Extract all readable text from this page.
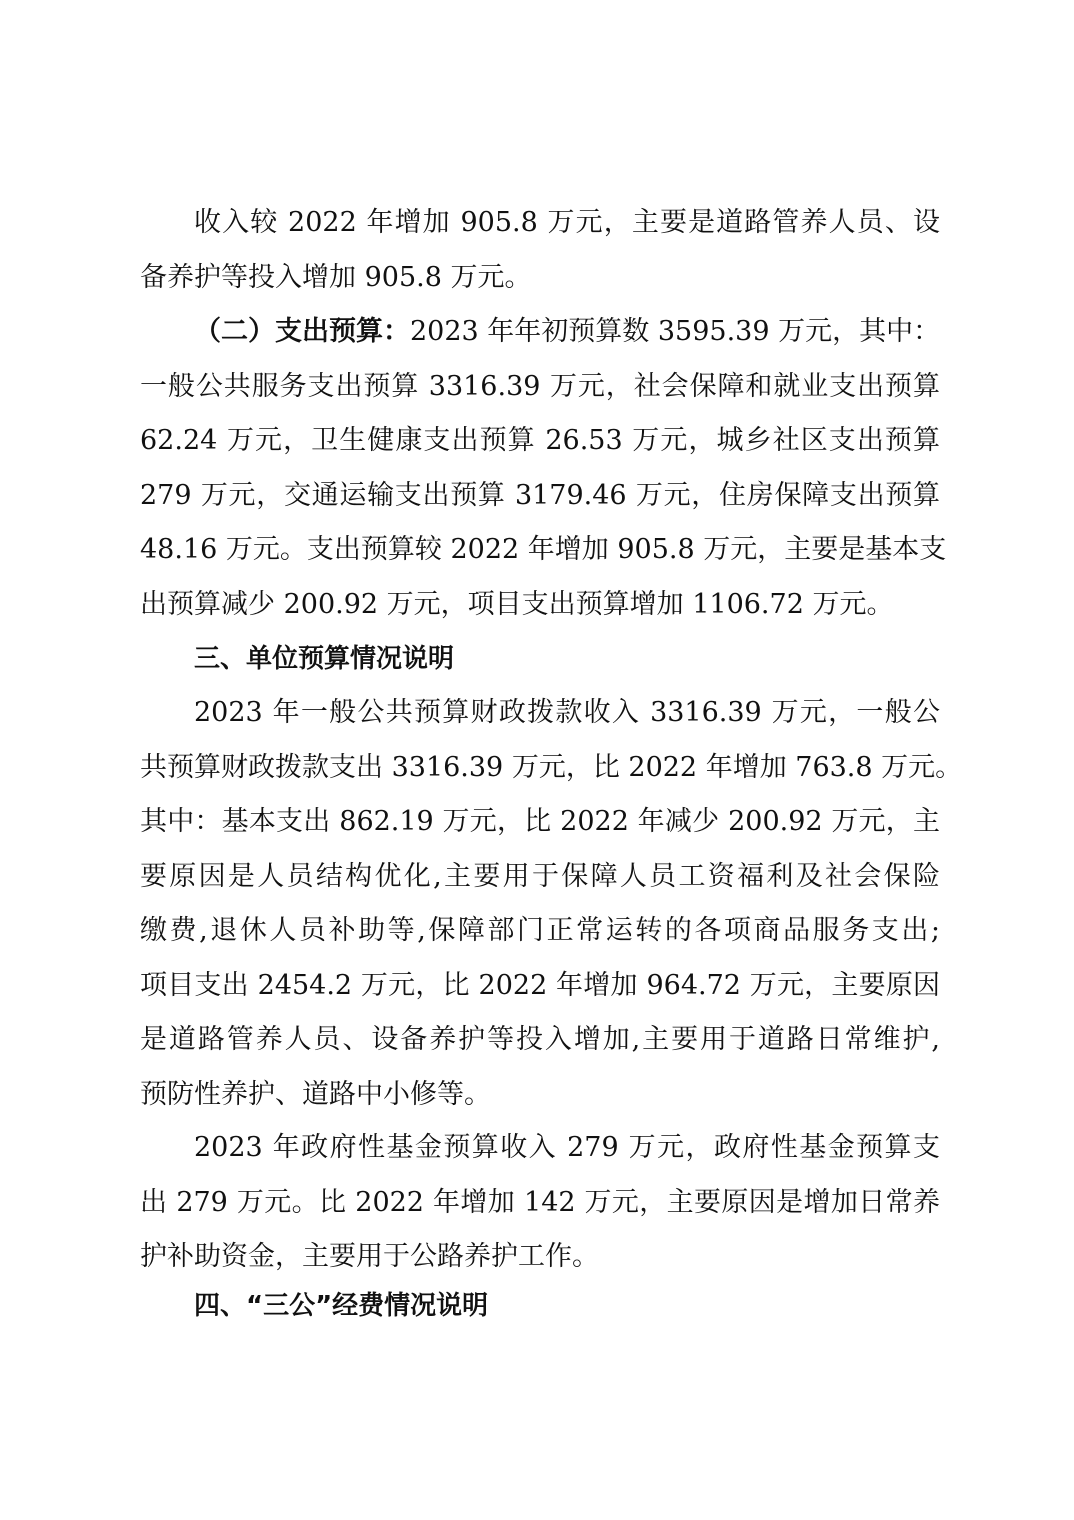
收入较 2022 年增加 905.8 万元，主要是道路管养人员、设
备养护等投入增加 905.8 万元。
（二）支出预算：2023 年年初预算数 3595.39 万元，其中：
一般公共服务支出预算 3316.39 万元，社会保障和就业支出预算
62.24 万元，卫生健康支出预算 26.53 万元，城乡社区支出预算
279 万元，交通运输支出预算 3179.46 万元，住房保障支出预算
48.16 万元。支出预算较 2022 年增加 905.8 万元，主要是基本支
出预算减少 200.92 万元，项目支出预算增加 1106.72 万元。
三、单位预算情况说明
2023 年一般公共预算财政拨款收入 3316.39 万元，一般公
共预算财政拨款支出 3316.39 万元，比 2022 年增加 763.8 万元。
其中：基本支出 862.19 万元，比 2022 年减少 200.92 万元，主
要原因是人员结构优化,主要用于保障人员工资福利及社会保险
缴费,退休人员补助等,保障部门正常运转的各项商品服务支出;
项目支出 2454.2 万元，比 2022 年增加 964.72 万元，主要原因
是道路管养人员、设备养护等投入增加,主要用于道路日常维护,
预防性养护、道路中小修等。
2023 年政府性基金预算收入 279 万元，政府性基金预算支
出 279 万元。比 2022 年增加 142 万元，主要原因是增加日常养
护补助资金，主要用于公路养护工作。
四、“三公”经费情况说明
